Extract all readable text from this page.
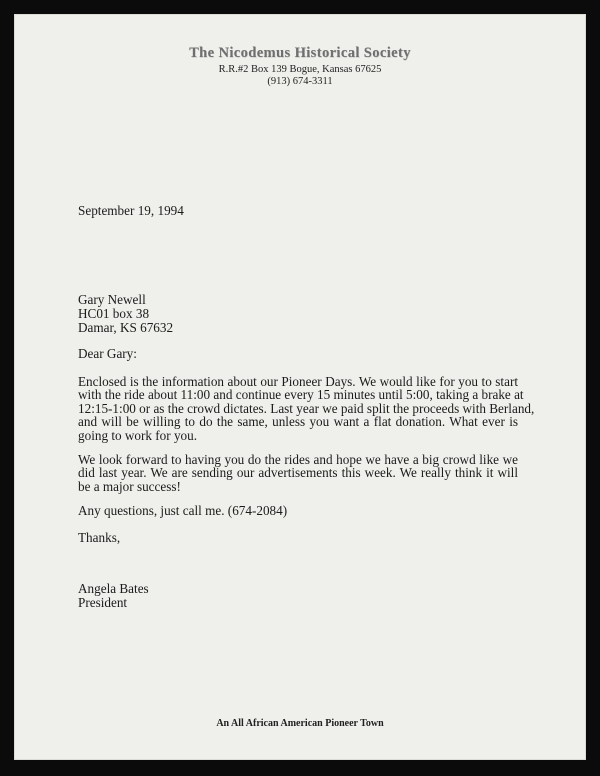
The Nicodemus Historical Society
R.R.#2 Box 139 Bogue, Kansas 67625
(913) 674-3311
September 19, 1994
Gary Newell
HC01 box 38
Damar, KS 67632
Dear Gary:
Enclosed is the information about our Pioneer Days. We would like for you to start
with the ride about 11:00 and continue every 15 minutes until 5:00, taking a brake at
12:15-1:00 or as the crowd dictates. Last year we paid split the proceeds with Berland,
and will be willing to do the same, unless you want a flat donation. What ever is
going to work for you.
We look forward to having you do the rides and hope we have a big crowd like we
did last year. We are sending our advertisements this week. We really think it will
be a major success!
Any questions, just call me. (674-2084)
Thanks,
Angela Bates
President
An All African American Pioneer Town
